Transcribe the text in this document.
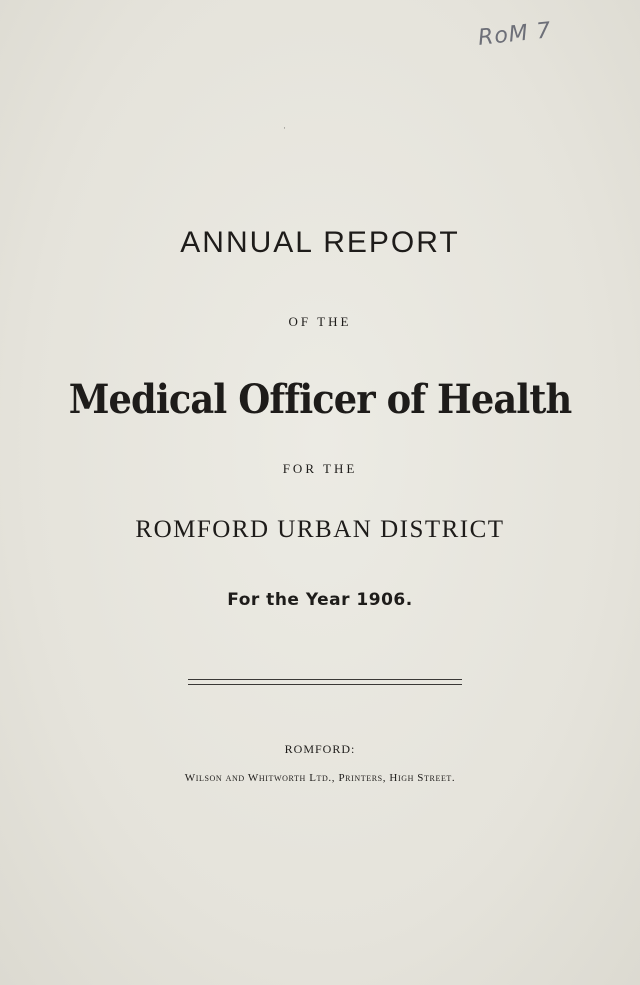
RoM 7
·
ANNUAL REPORT
OF THE
Medical Officer of Health
FOR THE
ROMFORD URBAN DISTRICT
For the Year 1906.
ROMFORD:
Wilson and Whitworth Ltd., Printers, High Street.
